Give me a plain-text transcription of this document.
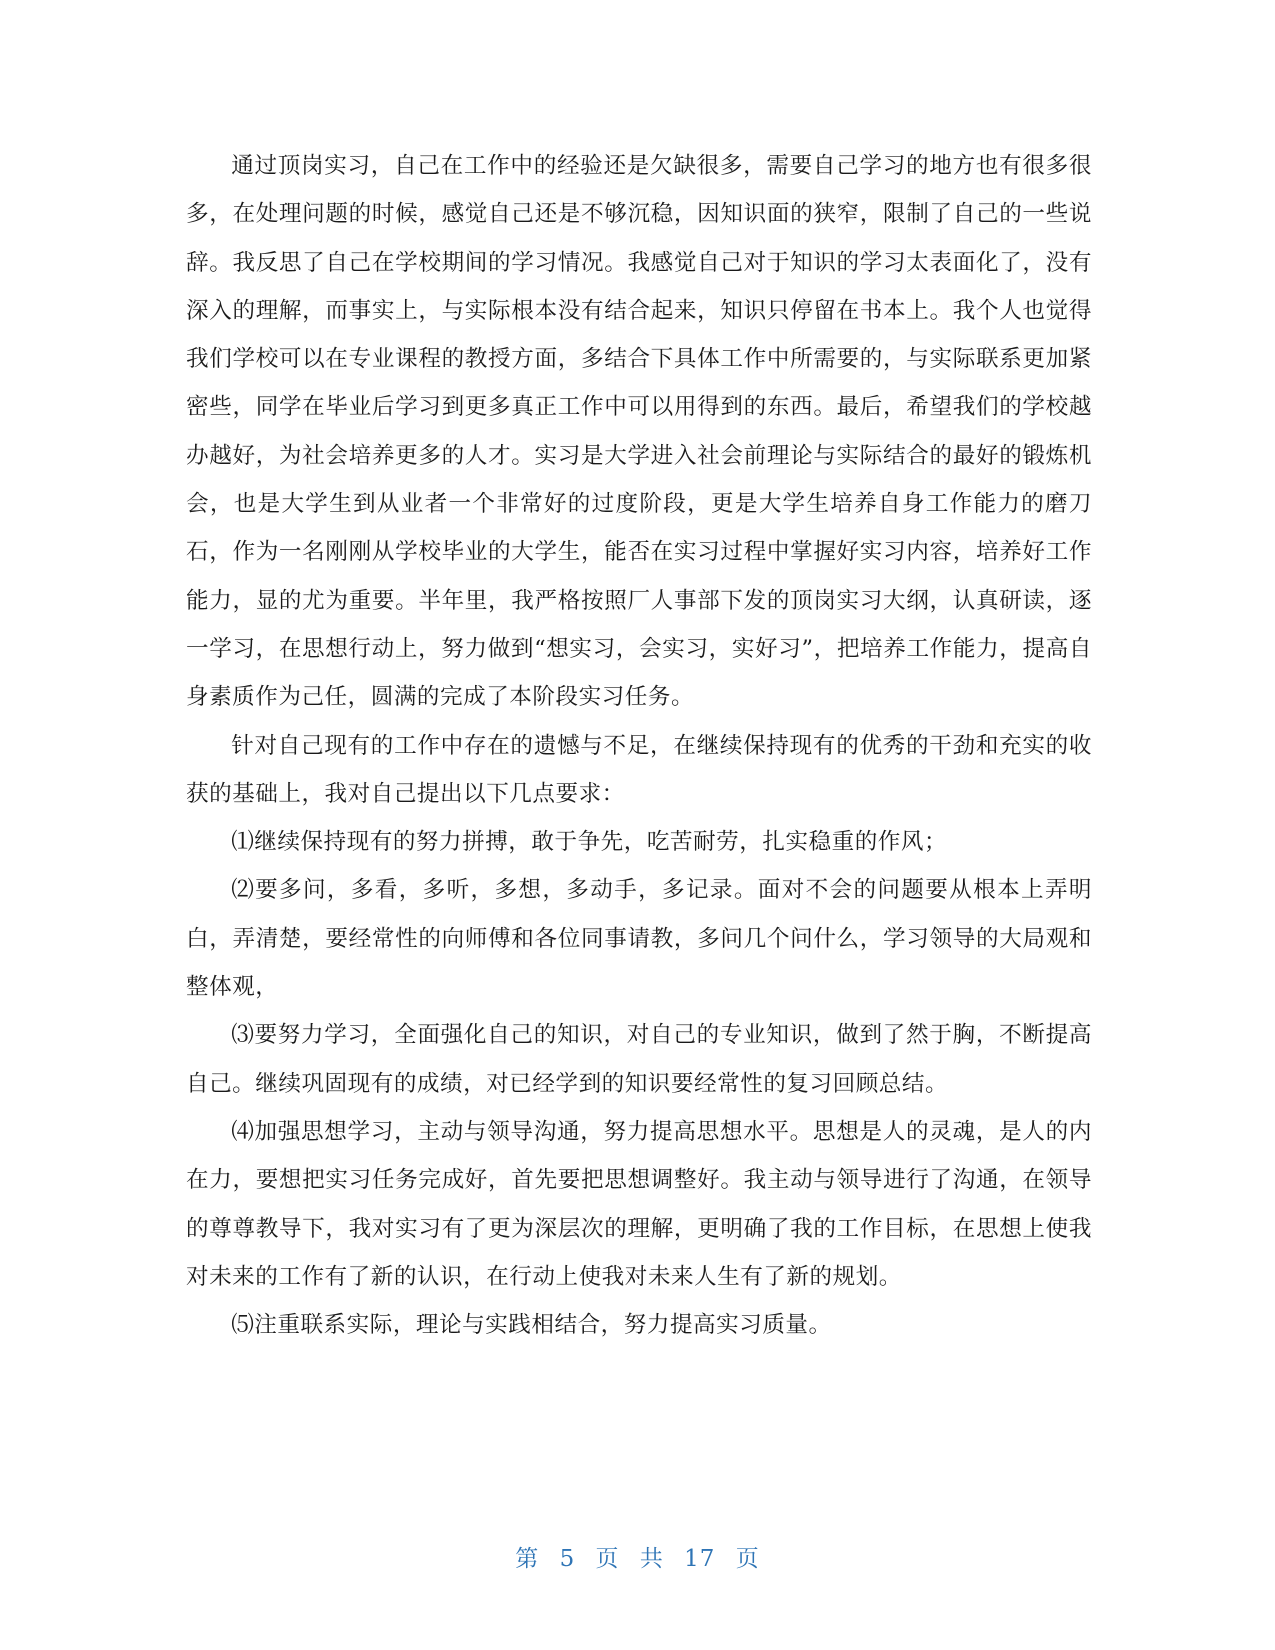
通过顶岗实习，自己在工作中的经验还是欠缺很多，需要自己学习的地方也有很多很多，在处理问题的时候，感觉自己还是不够沉稳，因知识面的狭窄，限制了自己的一些说辞。我反思了自己在学校期间的学习情况。我感觉自己对于知识的学习太表面化了，没有深入的理解，而事实上，与实际根本没有结合起来，知识只停留在书本上。我个人也觉得我们学校可以在专业课程的教授方面，多结合下具体工作中所需要的，与实际联系更加紧密些，同学在毕业后学习到更多真正工作中可以用得到的东西。最后，希望我们的学校越办越好，为社会培养更多的人才。实习是大学进入社会前理论与实际结合的最好的锻炼机会，也是大学生到从业者一个非常好的过度阶段，更是大学生培养自身工作能力的磨刀石，作为一名刚刚从学校毕业的大学生，能否在实习过程中掌握好实习内容，培养好工作能力，显的尤为重要。半年里，我严格按照厂人事部下发的顶岗实习大纲，认真研读，逐一学习，在思想行动上，努力做到“想实习，会实习，实好习”，把培养工作能力，提高自身素质作为己任，圆满的完成了本阶段实习任务。

针对自己现有的工作中存在的遗憾与不足，在继续保持现有的优秀的干劲和充实的收获的基础上，我对自己提出以下几点要求：

⑴继续保持现有的努力拼搏，敢于争先，吃苦耐劳，扎实稳重的作风；

⑵要多问，多看，多听，多想，多动手，多记录。面对不会的问题要从根本上弄明白，弄清楚，要经常性的向师傅和各位同事请教，多问几个问什么，学习领导的大局观和整体观，

⑶要努力学习，全面强化自己的知识，对自己的专业知识，做到了然于胸，不断提高自己。继续巩固现有的成绩，对已经学到的知识要经常性的复习回顾总结。

⑷加强思想学习，主动与领导沟通，努力提高思想水平。思想是人的灵魂，是人的内在力，要想把实习任务完成好，首先要把思想调整好。我主动与领导进行了沟通，在领导的尊尊教导下，我对实习有了更为深层次的理解，更明确了我的工作目标，在思想上使我对未来的工作有了新的认识，在行动上使我对未来人生有了新的规划。

⑸注重联系实际，理论与实践相结合，努力提高实习质量。

第 5 页 共 17 页
